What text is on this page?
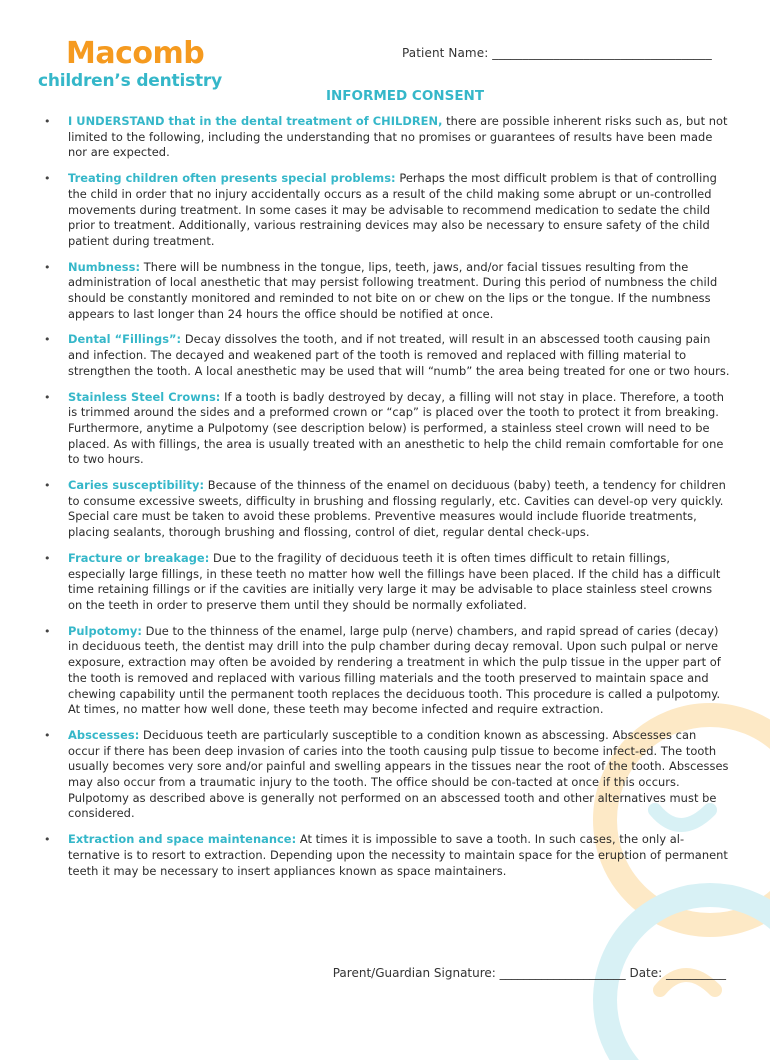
Macomb
children’s dentistry
Patient Name: ____________________________________
INFORMED CONSENT
• I UNDERSTAND that in the dental treatment of CHILDREN, there are possible inherent risks such as, but not limited to the following, including the understanding that no promises or guarantees of results have been made nor are expected.
• Treating children often presents special problems: Perhaps the most difficult problem is that of controlling the child in order that no injury accidentally occurs as a result of the child making some abrupt or un-controlled movements during treatment. In some cases it may be advisable to recommend medication to sedate the child prior to treatment. Additionally, various restraining devices may also be necessary to ensure safety of the child patient during treatment.
• Numbness: There will be numbness in the tongue, lips, teeth, jaws, and/or facial tissues resulting from the administration of local anesthetic that may persist following treatment. During this period of numbness the child should be constantly monitored and reminded to not bite on or chew on the lips or the tongue. If the numbness appears to last longer than 24 hours the office should be notified at once.
• Dental “Fillings”: Decay dissolves the tooth, and if not treated, will result in an abscessed tooth causing pain and infection. The decayed and weakened part of the tooth is removed and replaced with filling material to strengthen the tooth. A local anesthetic may be used that will “numb” the area being treated for one or two hours.
• Stainless Steel Crowns: If a tooth is badly destroyed by decay, a filling will not stay in place. Therefore, a tooth is trimmed around the sides and a preformed crown or “cap” is placed over the tooth to protect it from breaking. Furthermore, anytime a Pulpotomy (see description below) is performed, a stainless steel crown will need to be placed. As with fillings, the area is usually treated with an anesthetic to help the child remain comfortable for one to two hours.
• Caries susceptibility: Because of the thinness of the enamel on deciduous (baby) teeth, a tendency for children to consume excessive sweets, difficulty in brushing and flossing regularly, etc. Cavities can devel-op very quickly. Special care must be taken to avoid these problems. Preventive measures would include fluoride treatments, placing sealants, thorough brushing and flossing, control of diet, regular dental check-ups.
• Fracture or breakage: Due to the fragility of deciduous teeth it is often times difficult to retain fillings, especially large fillings, in these teeth no matter how well the fillings have been placed. If the child has a difficult time retaining fillings or if the cavities are initially very large it may be advisable to place stainless steel crowns on the teeth in order to preserve them until they should be normally exfoliated.
• Pulpotomy: Due to the thinness of the enamel, large pulp (nerve) chambers, and rapid spread of caries (decay) in deciduous teeth, the dentist may drill into the pulp chamber during decay removal. Upon such pulpal or nerve exposure, extraction may often be avoided by rendering a treatment in which the pulp tissue in the upper part of the tooth is removed and replaced with various filling materials and the tooth preserved to maintain space and chewing capability until the permanent tooth replaces the deciduous tooth. This procedure is called a pulpotomy. At times, no matter how well done, these teeth may become infected and require extraction.
• Abscesses: Deciduous teeth are particularly susceptible to a condition known as abscessing. Abscesses can occur if there has been deep invasion of caries into the tooth causing pulp tissue to become infect-ed. The tooth usually becomes very sore and/or painful and swelling appears in the tissues near the root of the tooth. Abscesses may also occur from a traumatic injury to the tooth. The office should be con-tacted at once if this occurs. Pulpotomy as described above is generally not performed on an abscessed tooth and other alternatives must be considered.
• Extraction and space maintenance: At times it is impossible to save a tooth. In such cases, the only al-ternative is to resort to extraction. Depending upon the necessity to maintain space for the eruption of permanent teeth it may be necessary to insert appliances known as space maintainers.
Parent/Guardian Signature: _____________________ Date: __________
